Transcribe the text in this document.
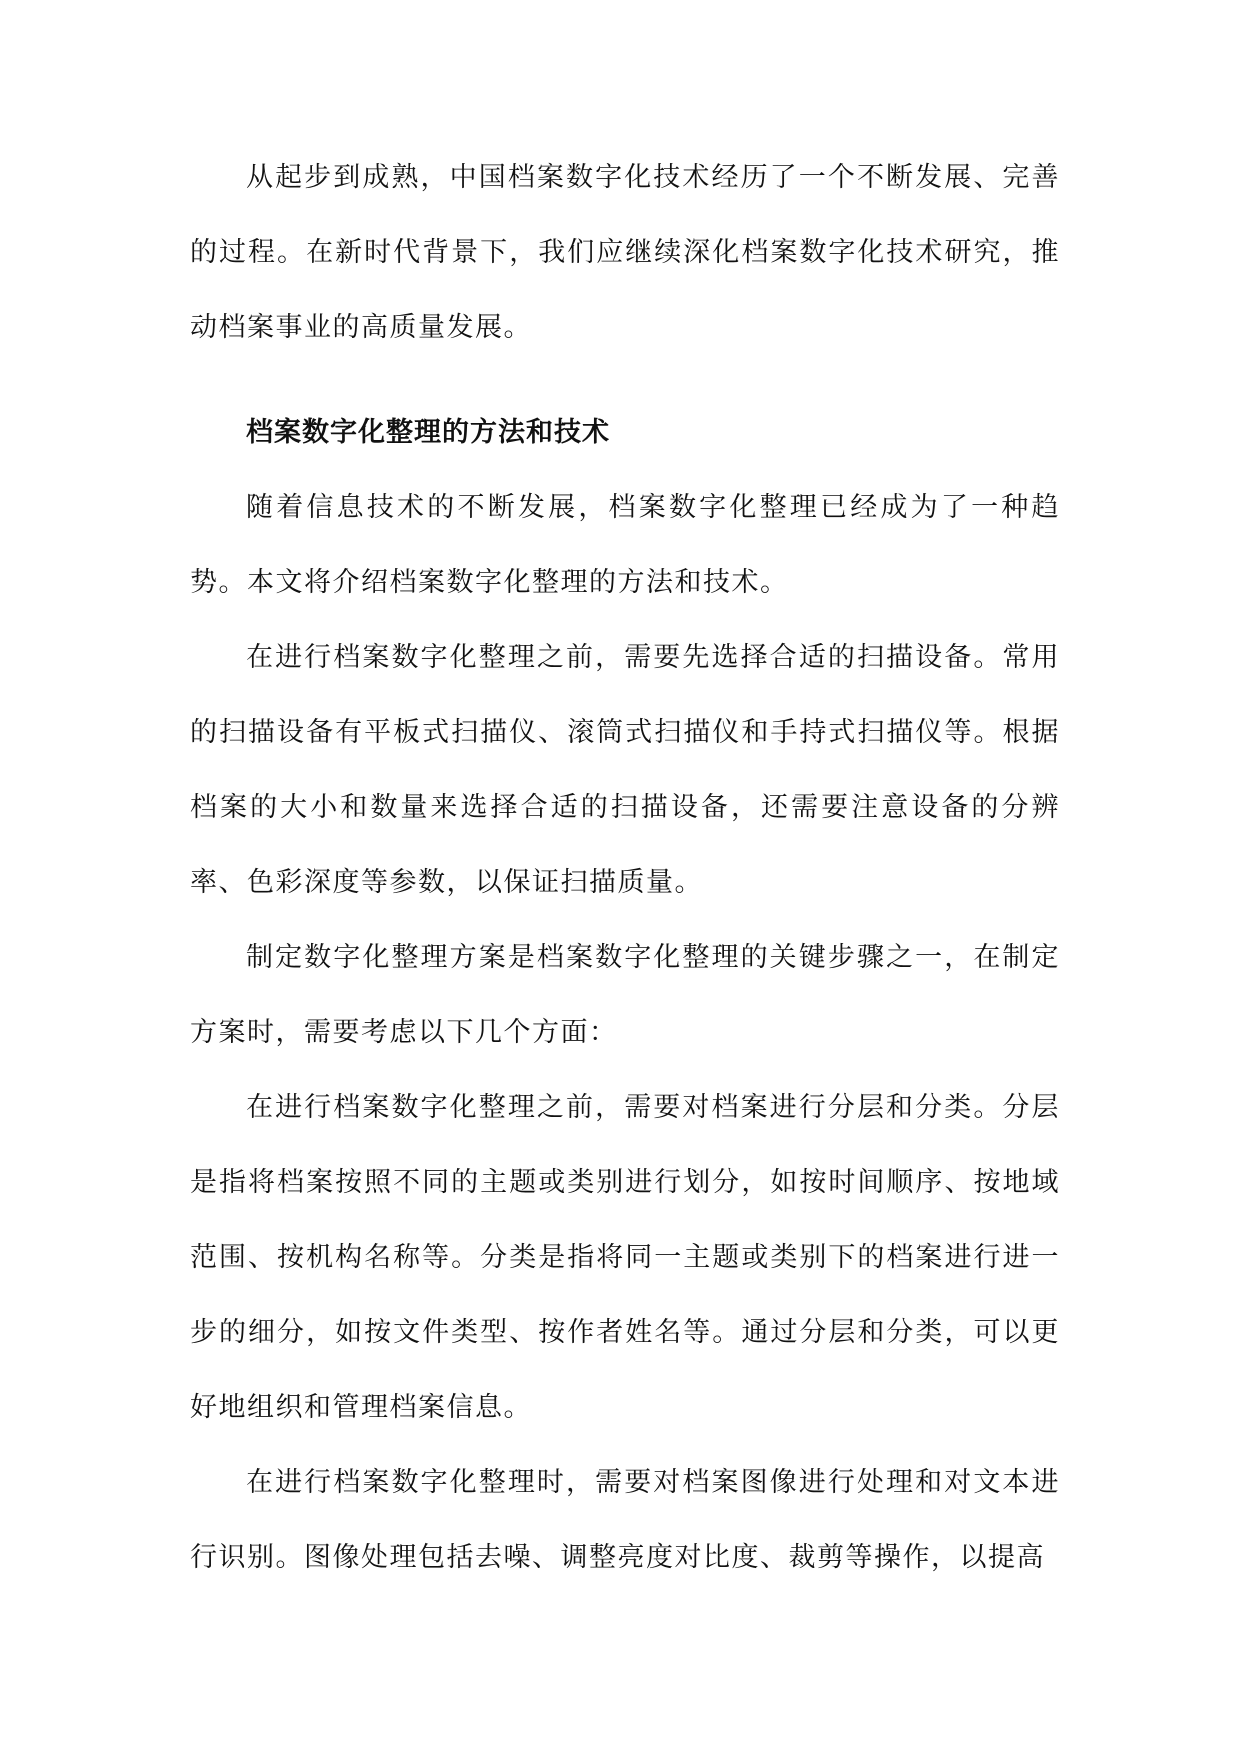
从起步到成熟，中国档案数字化技术经历了一个不断发展、完善的过程。在新时代背景下，我们应继续深化档案数字化技术研究，推动档案事业的高质量发展。

档案数字化整理的方法和技术

随着信息技术的不断发展，档案数字化整理已经成为了一种趋势。本文将介绍档案数字化整理的方法和技术。

在进行档案数字化整理之前，需要先选择合适的扫描设备。常用的扫描设备有平板式扫描仪、滚筒式扫描仪和手持式扫描仪等。根据档案的大小和数量来选择合适的扫描设备，还需要注意设备的分辨率、色彩深度等参数，以保证扫描质量。

制定数字化整理方案是档案数字化整理的关键步骤之一，在制定方案时，需要考虑以下几个方面：

在进行档案数字化整理之前，需要对档案进行分层和分类。分层是指将档案按照不同的主题或类别进行划分，如按时间顺序、按地域范围、按机构名称等。分类是指将同一主题或类别下的档案进行进一步的细分，如按文件类型、按作者姓名等。通过分层和分类，可以更好地组织和管理档案信息。

在进行档案数字化整理时，需要对档案图像进行处理和对文本进行识别。图像处理包括去噪、调整亮度对比度、裁剪等操作，以提高
